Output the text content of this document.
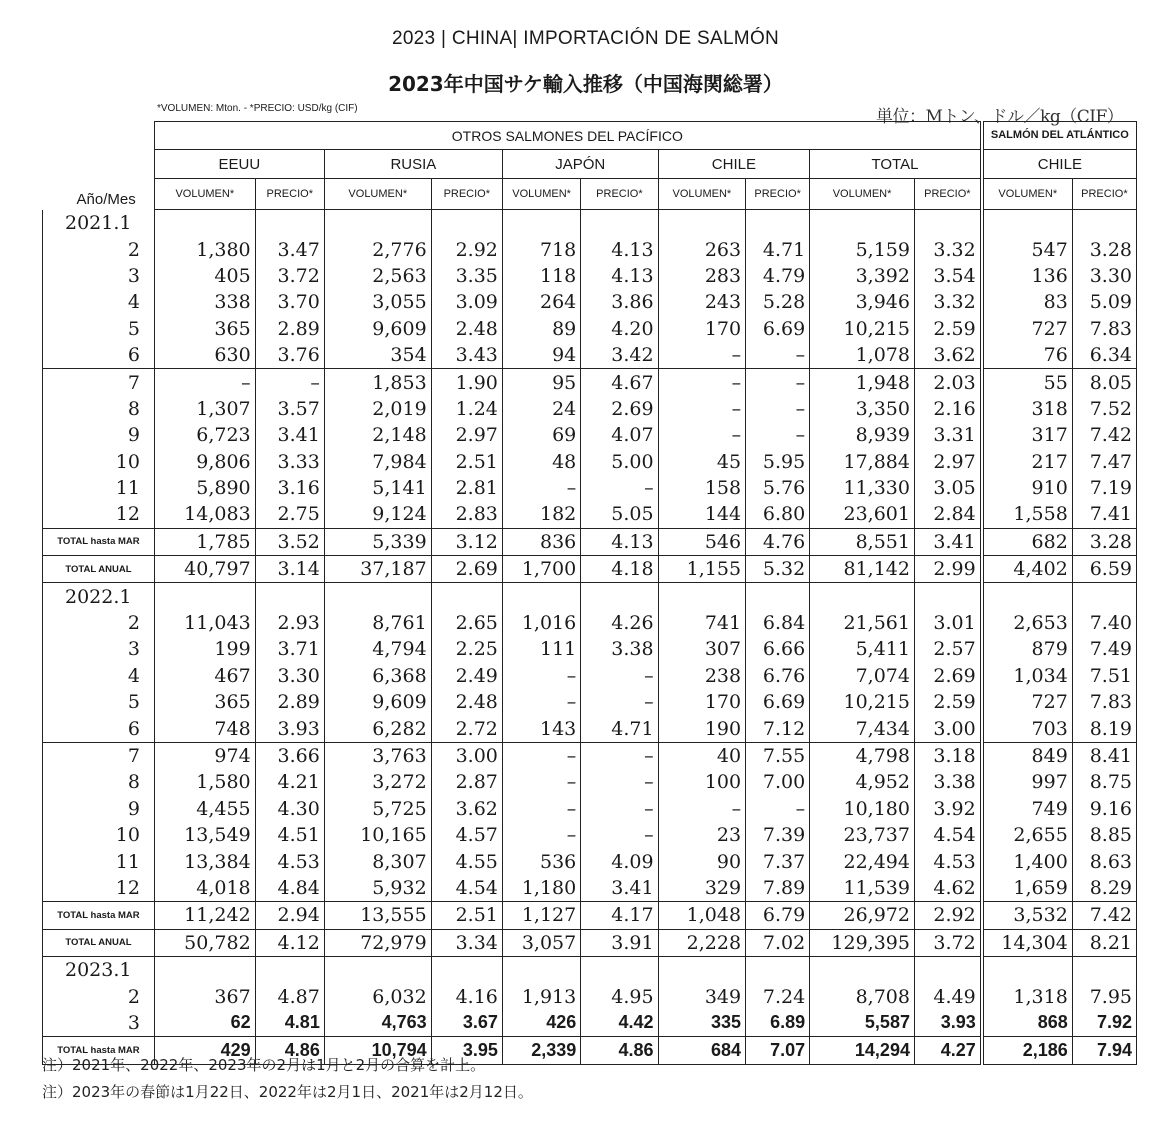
2023 | CHINA| IMPORTACIÓN DE SALMÓN
2023年中国サケ輸入推移（中国海関総署）
*VOLUMEN: Mton. - *PRECIO: USD/kg (CIF)	単位：Mトン、ドル／kg（CIF）
	OTROS SALMONES DEL PACÍFICO										SALMÓN DEL ATLÁNTICO	
	EEUU		RUSIA		JAPÓN		CHILE		TOTAL		CHILE	
Año/Mes	VOLUMEN*	PRECIO*	VOLUMEN*	PRECIO*	VOLUMEN*	PRECIO*	VOLUMEN*	PRECIO*	VOLUMEN*	PRECIO*	VOLUMEN*	PRECIO*
2021.1												
2	1,380	3.47	2,776	2.92	718	4.13	263	4.71	5,159	3.32	547	3.28
3	405	3.72	2,563	3.35	118	4.13	283	4.79	3,392	3.54	136	3.30
4	338	3.70	3,055	3.09	264	3.86	243	5.28	3,946	3.32	83	5.09
5	365	2.89	9,609	2.48	89	4.20	170	6.69	10,215	2.59	727	7.83
6	630	3.76	354	3.43	94	3.42	–	–	1,078	3.62	76	6.34
7	–	–	1,853	1.90	95	4.67	–	–	1,948	2.03	55	8.05
8	1,307	3.57	2,019	1.24	24	2.69	–	–	3,350	2.16	318	7.52
9	6,723	3.41	2,148	2.97	69	4.07	–	–	8,939	3.31	317	7.42
10	9,806	3.33	7,984	2.51	48	5.00	45	5.95	17,884	2.97	217	7.47
11	5,890	3.16	5,141	2.81	–	–	158	5.76	11,330	3.05	910	7.19
12	14,083	2.75	9,124	2.83	182	5.05	144	6.80	23,601	2.84	1,558	7.41
TOTAL hasta MAR	1,785	3.52	5,339	3.12	836	4.13	546	4.76	8,551	3.41	682	3.28
TOTAL ANUAL	40,797	3.14	37,187	2.69	1,700	4.18	1,155	5.32	81,142	2.99	4,402	6.59
2022.1												
2	11,043	2.93	8,761	2.65	1,016	4.26	741	6.84	21,561	3.01	2,653	7.40
3	199	3.71	4,794	2.25	111	3.38	307	6.66	5,411	2.57	879	7.49
4	467	3.30	6,368	2.49	–	–	238	6.76	7,074	2.69	1,034	7.51
5	365	2.89	9,609	2.48	–	–	170	6.69	10,215	2.59	727	7.83
6	748	3.93	6,282	2.72	143	4.71	190	7.12	7,434	3.00	703	8.19
7	974	3.66	3,763	3.00	–	–	40	7.55	4,798	3.18	849	8.41
8	1,580	4.21	3,272	2.87	–	–	100	7.00	4,952	3.38	997	8.75
9	4,455	4.30	5,725	3.62	–	–	–	–	10,180	3.92	749	9.16
10	13,549	4.51	10,165	4.57	–	–	23	7.39	23,737	4.54	2,655	8.85
11	13,384	4.53	8,307	4.55	536	4.09	90	7.37	22,494	4.53	1,400	8.63
12	4,018	4.84	5,932	4.54	1,180	3.41	329	7.89	11,539	4.62	1,659	8.29
TOTAL hasta MAR	11,242	2.94	13,555	2.51	1,127	4.17	1,048	6.79	26,972	2.92	3,532	7.42
TOTAL ANUAL	50,782	4.12	72,979	3.34	3,057	3.91	2,228	7.02	129,395	3.72	14,304	8.21
2023.1												
2	367	4.87	6,032	4.16	1,913	4.95	349	7.24	8,708	4.49	1,318	7.95
3	62	4.81	4,763	3.67	426	4.42	335	6.89	5,587	3.93	868	7.92
TOTAL hasta MAR	429	4.86	10,794	3.95	2,339	4.86	684	7.07	14,294	4.27	2,186	7.94
注）2021年、2022年、2023年の2月は1月と2月の合算を計上。
注）2023年の春節は1月22日、2022年は2月1日、2021年は2月12日。
